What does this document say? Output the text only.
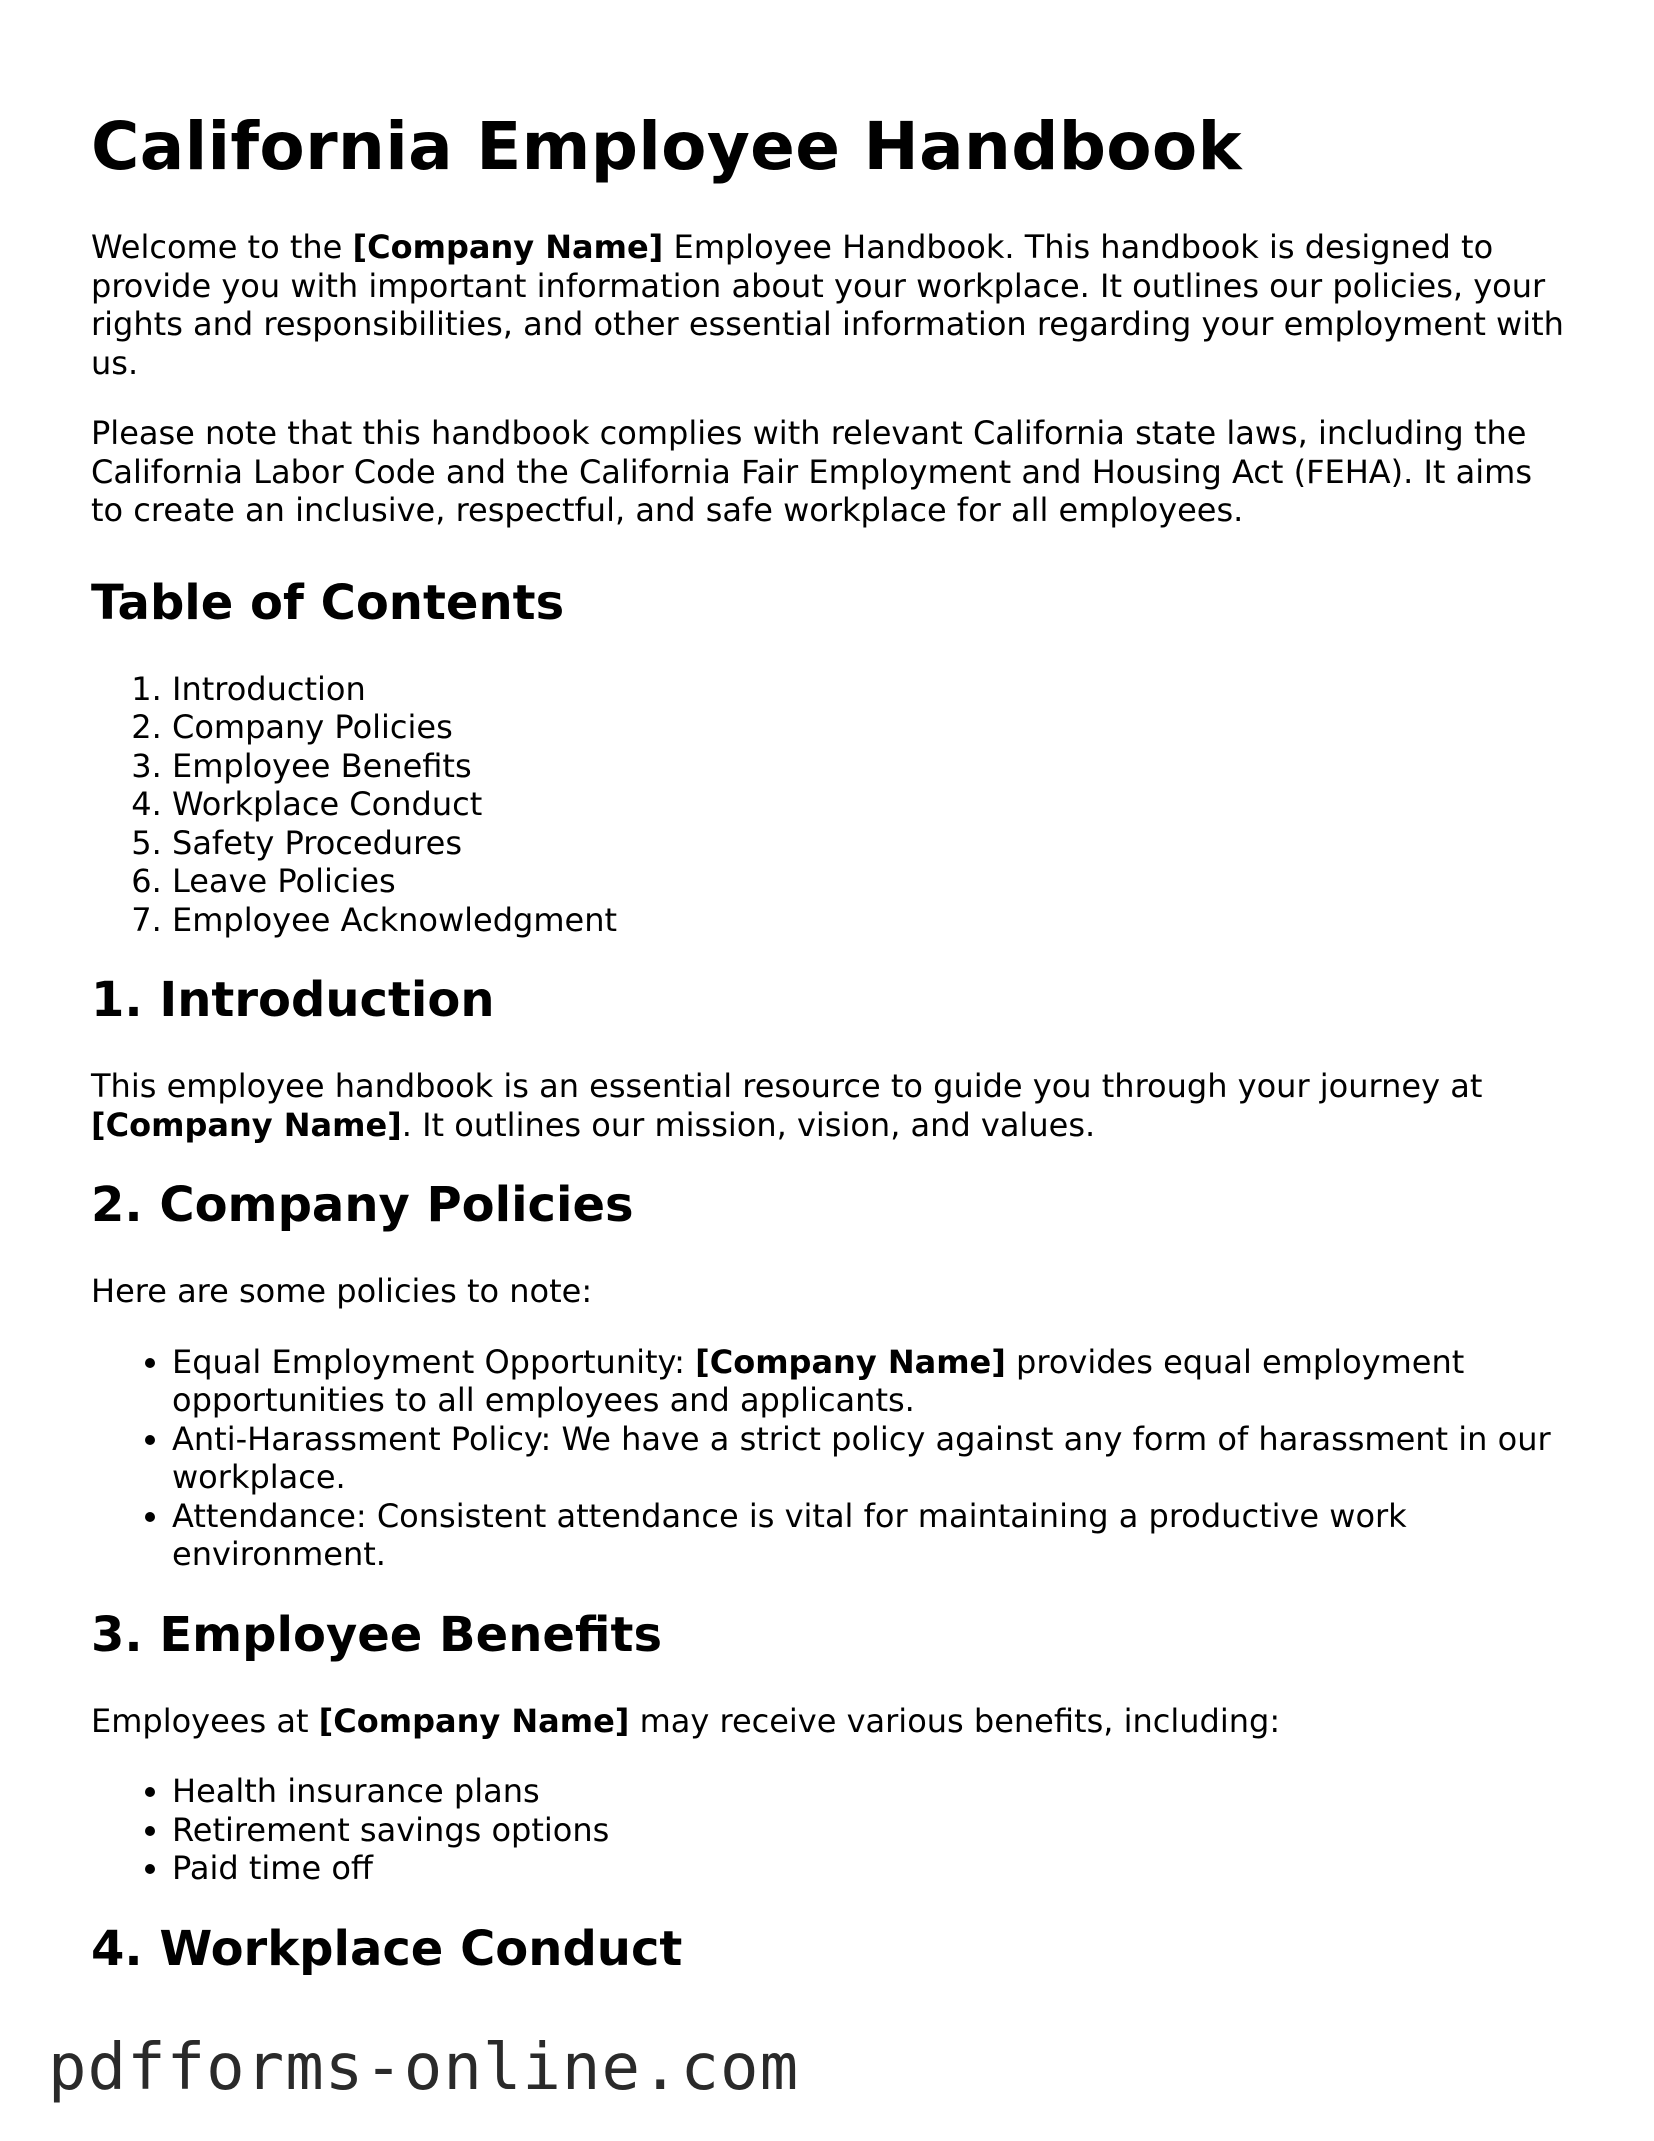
California Employee Handbook

Welcome to the [Company Name] Employee Handbook. This handbook is designed to provide you with important information about your workplace. It outlines our policies, your rights and responsibilities, and other essential information regarding your employment with us.

Please note that this handbook complies with relevant California state laws, including the California Labor Code and the California Fair Employment and Housing Act (FEHA). It aims to create an inclusive, respectful, and safe workplace for all employees.

Table of Contents
1. Introduction
2. Company Policies
3. Employee Benefits
4. Workplace Conduct
5. Safety Procedures
6. Leave Policies
7. Employee Acknowledgment
1. Introduction

This employee handbook is an essential resource to guide you through your journey at [Company Name]. It outlines our mission, vision, and values.

2. Company Policies

Here are some policies to note:

• Equal Employment Opportunity: [Company Name] provides equal employment opportunities to all employees and applicants.
• Anti-Harassment Policy: We have a strict policy against any form of harassment in our workplace.
• Attendance: Consistent attendance is vital for maintaining a productive work environment.
3. Employee Benefits

Employees at [Company Name] may receive various benefits, including:

• Health insurance plans
• Retirement savings options
• Paid time off
4. Workplace Conduct
pdfforms-online.com
